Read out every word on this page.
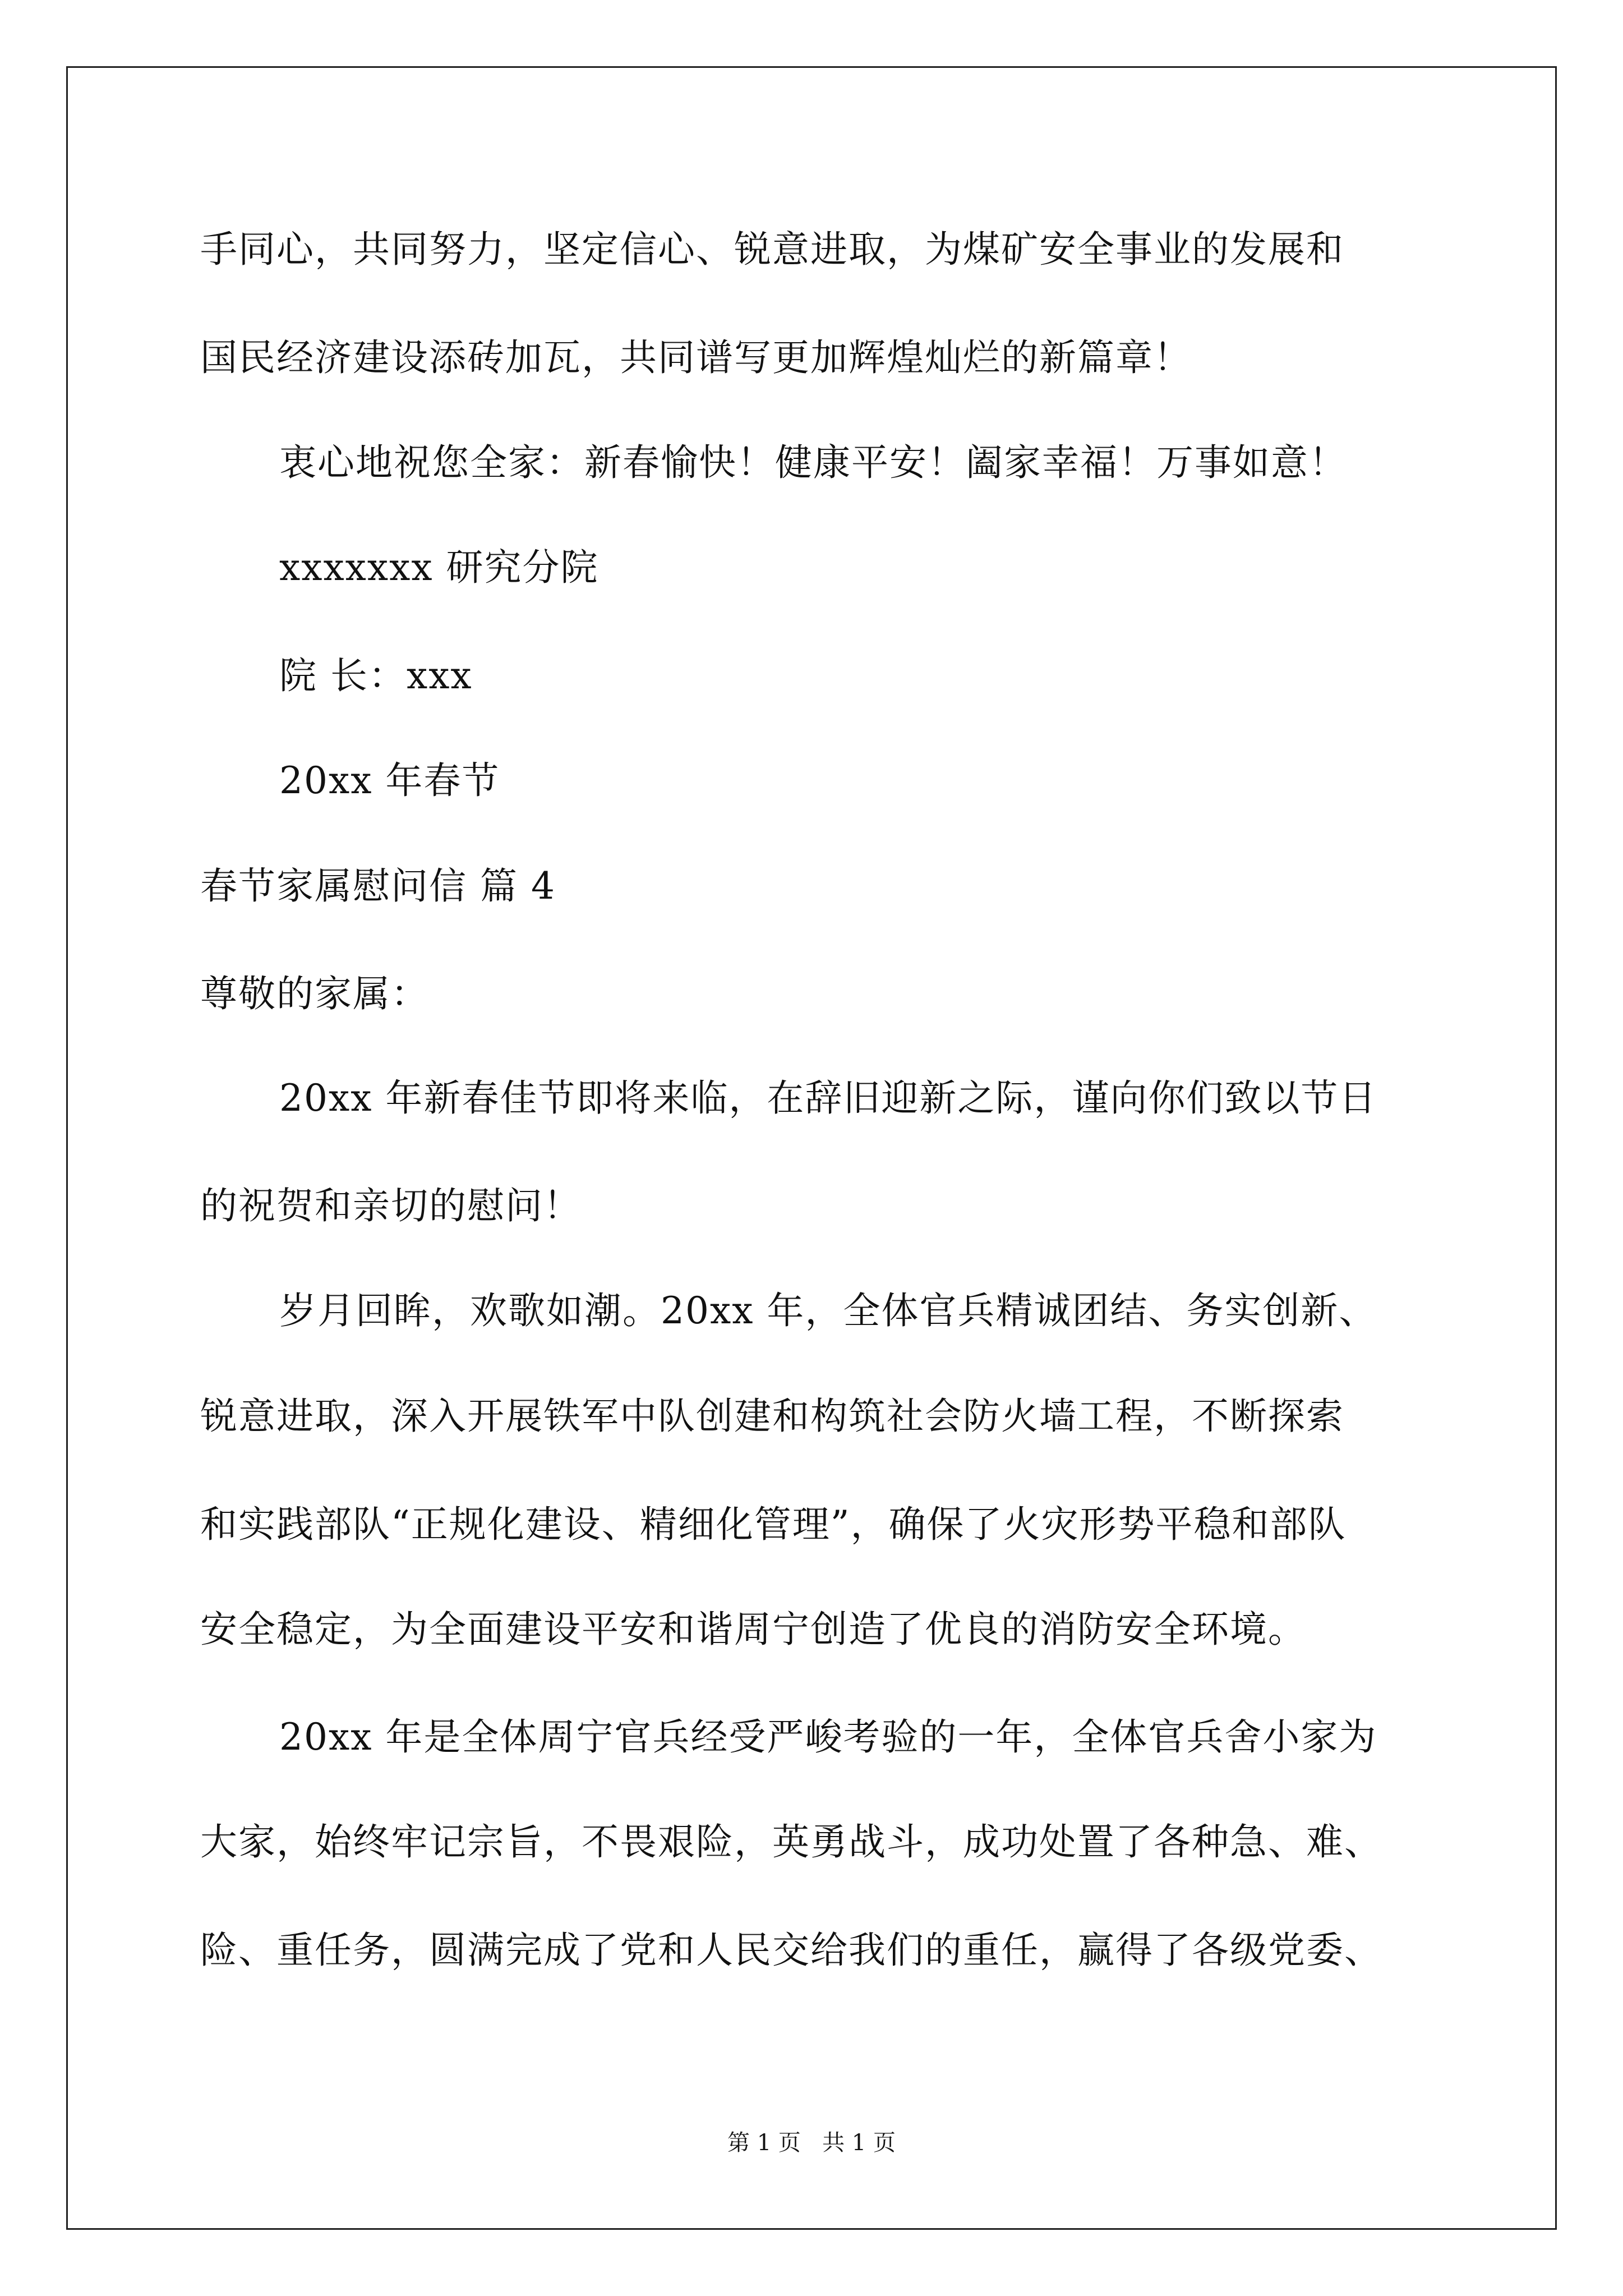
手同心，共同努力，坚定信心、锐意进取，为煤矿安全事业的发展和
国民经济建设添砖加瓦，共同谱写更加辉煌灿烂的新篇章！
衷心地祝您全家：新春愉快！健康平安！阖家幸福！万事如意！
xxxxxxx 研究分院
院 长：xxx
20xx 年春节
春节家属慰问信 篇 4
尊敬的家属：
20xx 年新春佳节即将来临，在辞旧迎新之际，谨向你们致以节日
的祝贺和亲切的慰问！
岁月回眸，欢歌如潮。20xx 年，全体官兵精诚团结、务实创新、
锐意进取，深入开展铁军中队创建和构筑社会防火墙工程，不断探索
和实践部队“正规化建设、精细化管理”，确保了火灾形势平稳和部队
安全稳定，为全面建设平安和谐周宁创造了优良的消防安全环境。
20xx 年是全体周宁官兵经受严峻考验的一年，全体官兵舍小家为
大家，始终牢记宗旨，不畏艰险，英勇战斗，成功处置了各种急、难、
险、重任务，圆满完成了党和人民交给我们的重任，赢得了各级党委、
第 1 页   共 1 页
